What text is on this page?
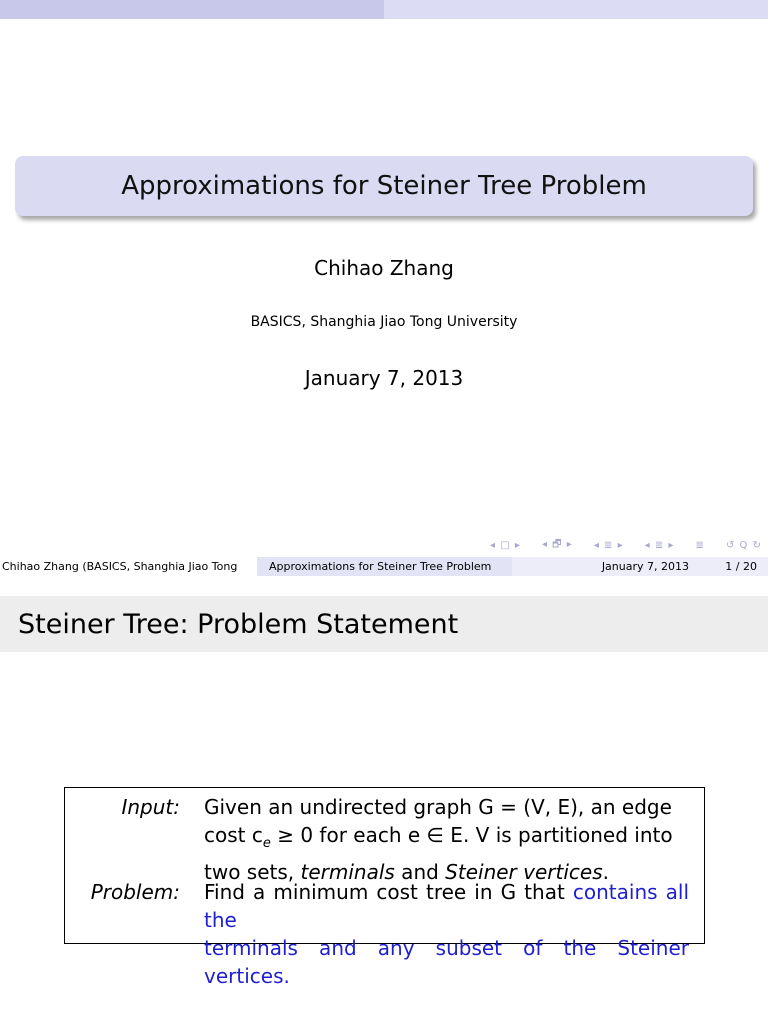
Approximations for Steiner Tree Problem
Chihao Zhang
BASICS, Shanghia Jiao Tong University
January 7, 2013
◂ □ ▸ ◂ 🗗 ▸ ◂ ≣ ▸ ◂ ≣ ▸ ≣ ↺ Q ↻
Chihao Zhang (BASICS, Shanghia Jiao Tong	Approximations for Steiner Tree Problem	January 7, 2013	1 / 20
Steiner Tree: Problem Statement
Input: Given an undirected graph G = (V, E), an edge
cost $c_e \ge 0$ for each e ∈ E. V is partitioned into
two sets, terminals and Steiner vertices.
Problem: Find a minimum cost tree in G that contains all the
terminals and any subset of the Steiner vertices.
